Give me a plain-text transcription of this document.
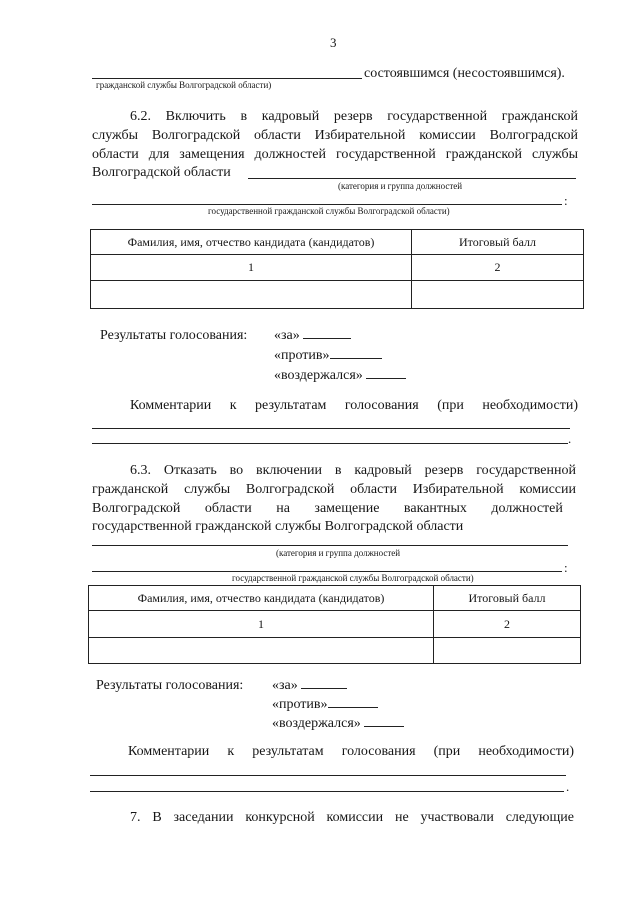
3
состоявшимся (несостоявшимся).
гражданской службы Волгоградской области)
6.2. Включить в кадровый резерв государственной гражданской
службы Волгоградской области Избирательной комиссии Волгоградской
области для замещения должностей государственной гражданской службы
Волгоградской области
(категория и группа должностей
:
государственной гражданской службы Волгоградской области)
Фамилия, имя, отчество кандидата (кандидатов)	Итоговый балл
1	2

Результаты голосования: «за»
«против»
«воздержался»
Комментарии к результатам голосования (при необходимости)
.
6.3. Отказать во включении в кадровый резерв государственной
гражданской службы Волгоградской области Избирательной комиссии
Волгоградской       области       на       замещение       вакантных       должностей
государственной гражданской службы Волгоградской области
(категория и группа должностей
:
государственной гражданской службы Волгоградской области)
Фамилия, имя, отчество кандидата (кандидатов)	Итоговый балл
1	2

Результаты голосования: «за»
«против»
«воздержался»
Комментарии к результатам голосования (при необходимости)
.
7. В заседании конкурсной комиссии не участвовали следующие
